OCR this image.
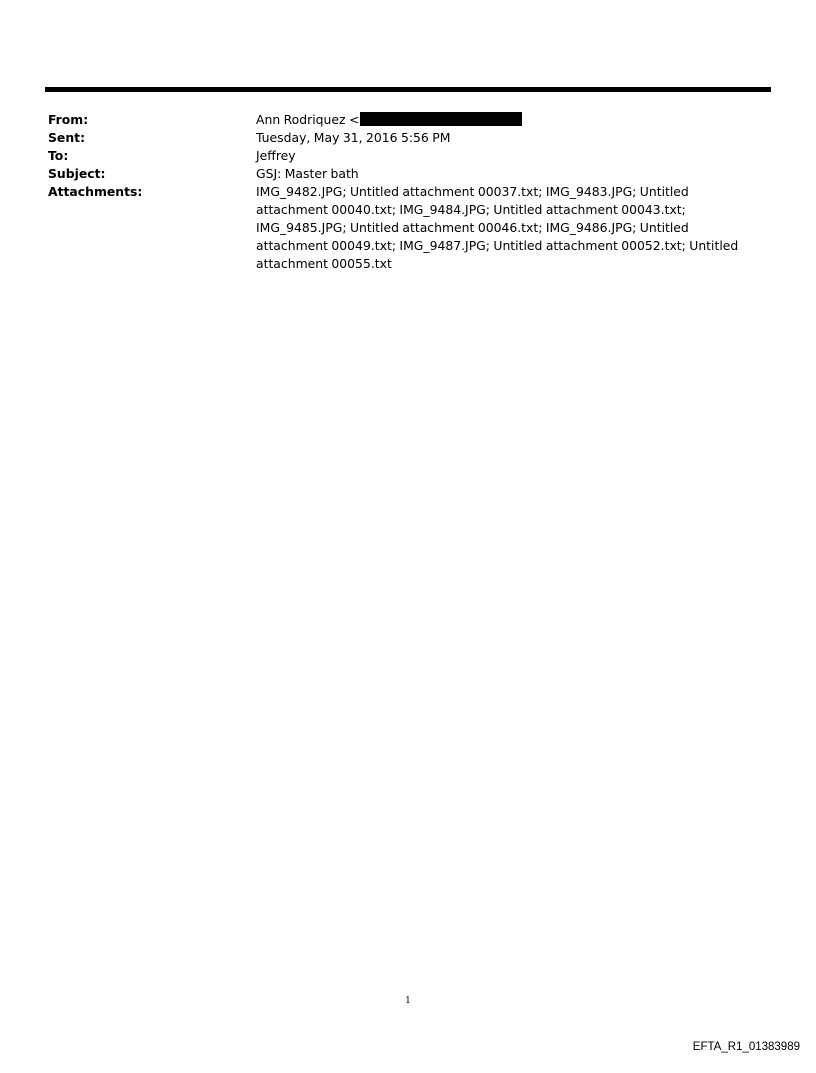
From:	Ann Rodriquez <
Sent:	Tuesday, May 31, 2016 5:56 PM
To:	Jeffrey
Subject:	GSJ: Master bath
Attachments:	IMG_9482.JPG; Untitled attachment 00037.txt; IMG_9483.JPG; Untitled attachment 00040.txt; IMG_9484.JPG; Untitled attachment 00043.txt; IMG_9485.JPG; Untitled attachment 00046.txt; IMG_9486.JPG; Untitled attachment 00049.txt; IMG_9487.JPG; Untitled attachment 00052.txt; Untitled attachment 00055.txt
1
EFTA_R1_01383989
